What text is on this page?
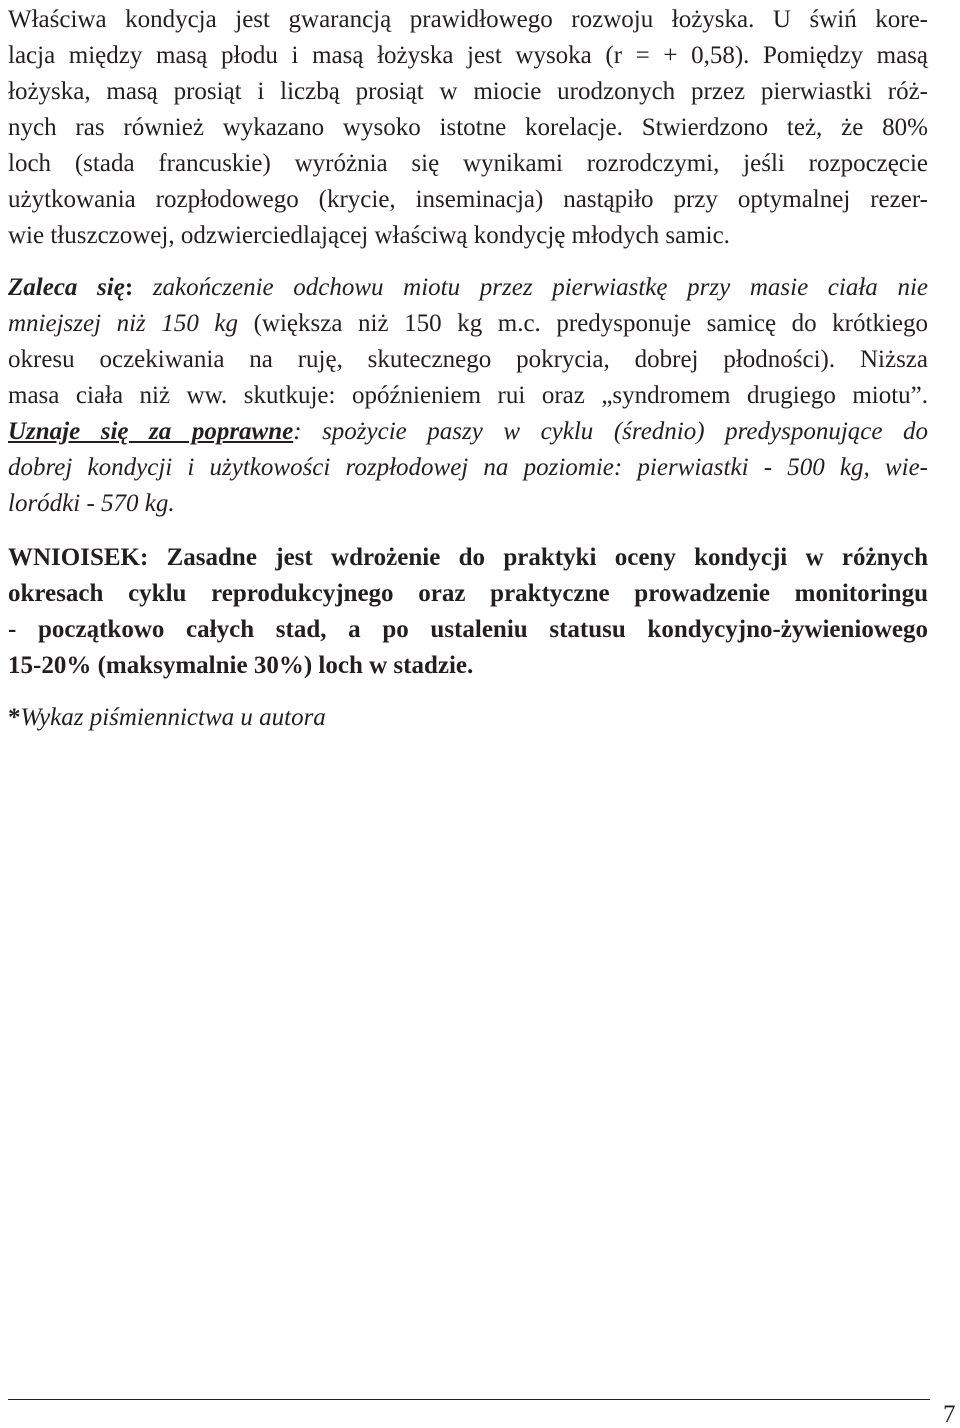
Właściwa kondycja jest gwarancją prawidłowego rozwoju łożyska. U świń kore-
lacja między masą płodu i masą łożyska jest wysoka (r = + 0,58). Pomiędzy masą
łożyska, masą prosiąt i liczbą prosiąt w miocie urodzonych przez pierwiastki róż-
nych ras również wykazano wysoko istotne korelacje. Stwierdzono też, że 80%
loch (stada francuskie) wyróżnia się wynikami rozrodczymi, jeśli rozpoczęcie
użytkowania rozpłodowego (krycie, inseminacja) nastąpiło przy optymalnej rezer-
wie tłuszczowej, odzwierciedlającej właściwą kondycję młodych samic.

Zaleca się: zakończenie odchowu miotu przez pierwiastkę przy masie ciała nie
mniejszej niż 150 kg (większa niż 150 kg m.c. predysponuje samicę do krótkiego
okresu oczekiwania na ruję, skutecznego pokrycia, dobrej płodności). Niższa
masa ciała niż ww. skutkuje: opóźnieniem rui oraz „syndromem drugiego miotu”.
Uznaje się za poprawne: spożycie paszy w cyklu (średnio) predysponujące do
dobrej kondycji i użytkowości rozpłodowej na poziomie: pierwiastki - 500 kg, wie-
loródki - 570 kg.

WNIOISEK: Zasadne jest wdrożenie do praktyki oceny kondycji w różnych
okresach cyklu reprodukcyjnego oraz praktyczne prowadzenie monitoringu
- początkowo całych stad, a po ustaleniu statusu kondycyjno-żywieniowego
15-20% (maksymalnie 30%) loch w stadzie.

*Wykaz piśmiennictwa u autora

7
